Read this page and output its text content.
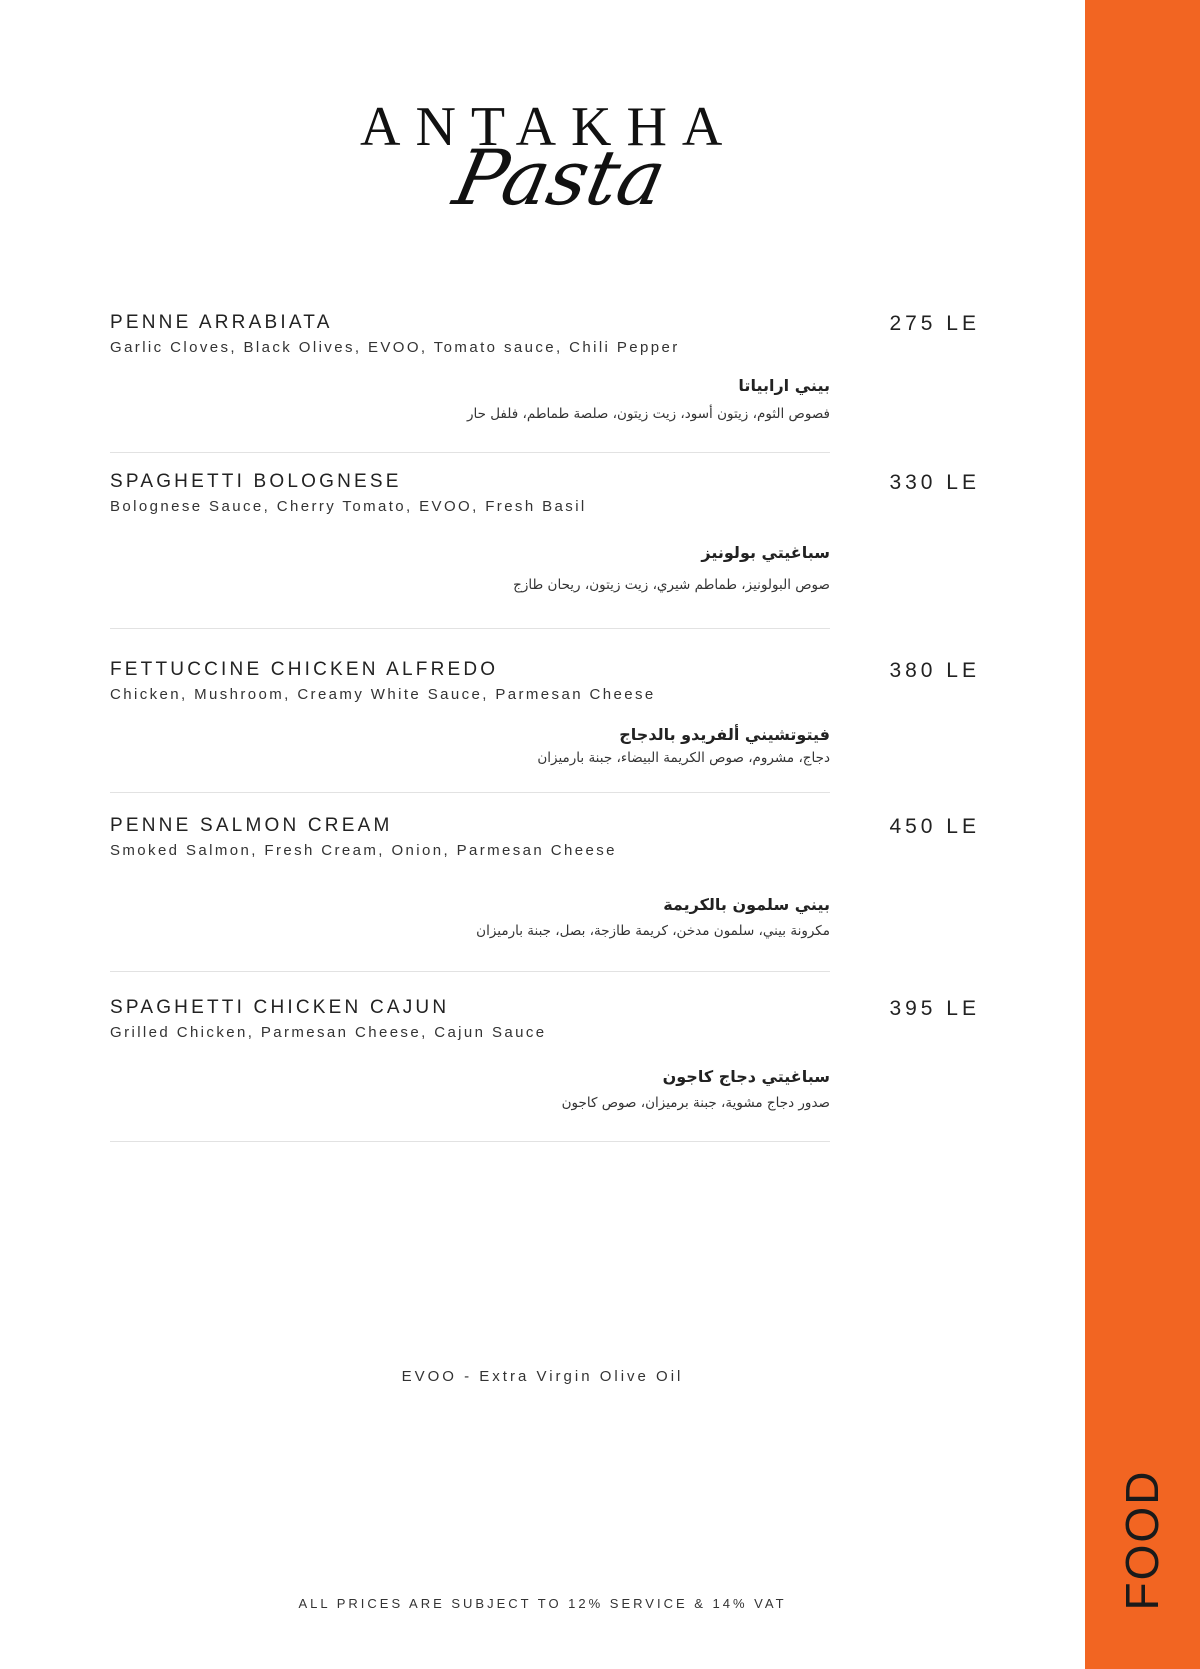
FOOD
ANTAKHA
Pasta
PENNE ARRABIATA
Garlic Cloves, Black Olives, EVOO, Tomato sauce, Chili Pepper
275 LE
بيني ارابياتا
فصوص الثوم، زيتون أسود، زيت زيتون، صلصة طماطم، فلفل حار
SPAGHETTI BOLOGNESE
Bolognese Sauce, Cherry Tomato, EVOO, Fresh Basil
330 LE
سباغيتي بولونيز
صوص البولونيز، طماطم شيري، زيت زيتون، ريحان طازج
FETTUCCINE CHICKEN ALFREDO
Chicken, Mushroom, Creamy White Sauce, Parmesan Cheese
380 LE
فيتوتشيني ألفريدو بالدجاج
دجاج، مشروم، صوص الكريمة البيضاء، جبنة بارميزان
PENNE SALMON CREAM
Smoked Salmon, Fresh Cream, Onion, Parmesan Cheese
450 LE
بيني سلمون بالكريمة
مكرونة بيني، سلمون مدخن، كريمة طازجة، بصل، جبنة بارميزان
SPAGHETTI CHICKEN CAJUN
Grilled Chicken, Parmesan Cheese, Cajun Sauce
395 LE
سباغيتي دجاج كاجون
صدور دجاج مشوية، جبنة برميزان، صوص كاجون
EVOO - Extra Virgin Olive Oil
ALL PRICES ARE SUBJECT TO 12% SERVICE & 14% VAT
